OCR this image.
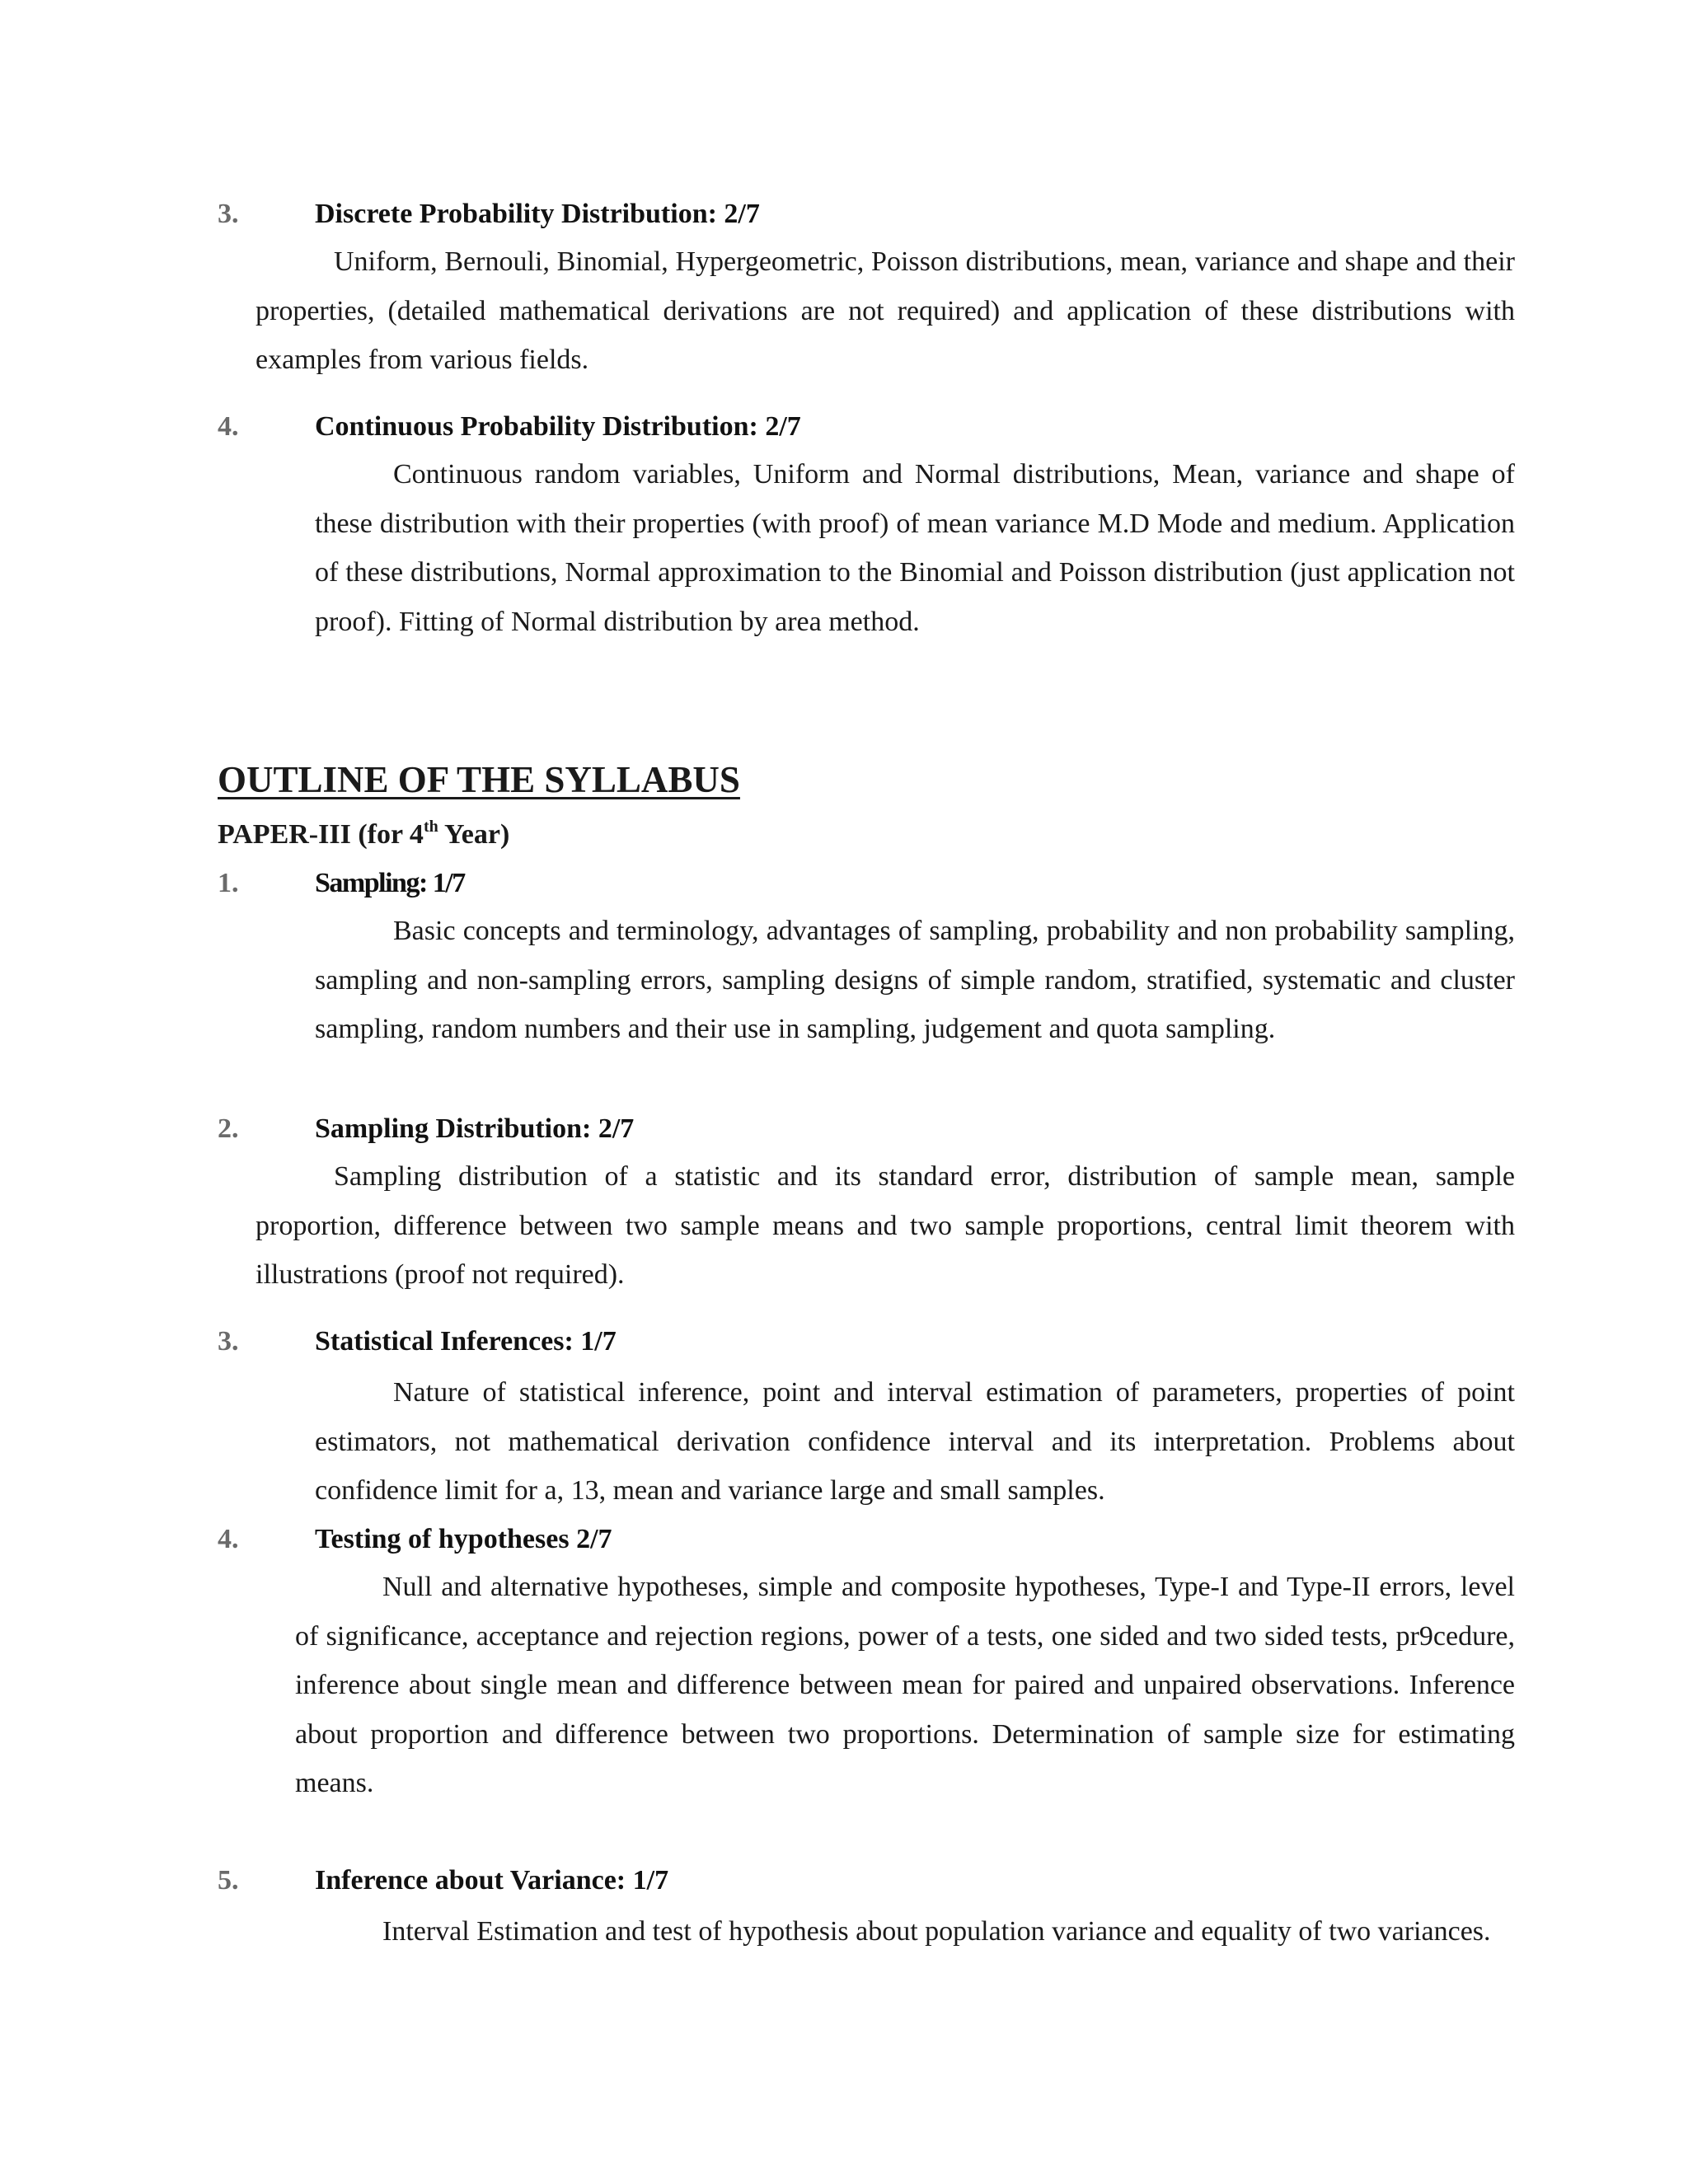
3.	Discrete Probability Distribution: 2/7
Uniform, Bernouli, Binomial, Hypergeometric, Poisson distributions, mean, variance and shape and their properties, (detailed mathematical derivations are not required) and application of these distributions with examples from various fields.
4.	Continuous Probability Distribution: 2/7
Continuous random variables, Uniform and Normal distributions, Mean, variance and shape of these distribution with their properties (with proof) of mean variance M.D Mode and medium. Application of these distributions, Normal approximation to the Binomial and Poisson distribution (just application not proof). Fitting of Normal distribution by area method.
OUTLINE OF THE SYLLABUS
PAPER-III (for 4th Year)
1.	Sampling: 1/7
Basic concepts and terminology, advantages of sampling, probability and non probability sampling, sampling and non-sampling errors, sampling designs of simple random, stratified, systematic and cluster sampling, random numbers and their use in sampling, judgement and quota sampling.
2.	Sampling Distribution: 2/7
Sampling distribution of a statistic and its standard error, distribution of sample mean, sample proportion, difference between two sample means and two sample proportions, central limit theorem with illustrations (proof not required).
3.	Statistical Inferences: 1/7
Nature of statistical inference, point and interval estimation of parameters, properties of point estimators, not mathematical derivation confidence interval and its interpretation. Problems about confidence limit for a, 13, mean and variance large and small samples.
4.	Testing of hypotheses 2/7
Null and alternative hypotheses, simple and composite hypotheses, Type-I and Type-II errors, level of significance, acceptance and rejection regions, power of a tests, one sided and two sided tests, pr9cedure, inference about single mean and difference between mean for paired and unpaired observations. Inference about proportion and difference between two proportions. Determination of sample size for estimating means.
5.	Inference about Variance: 1/7
Interval Estimation and test of hypothesis about population variance and equality of two variances.
